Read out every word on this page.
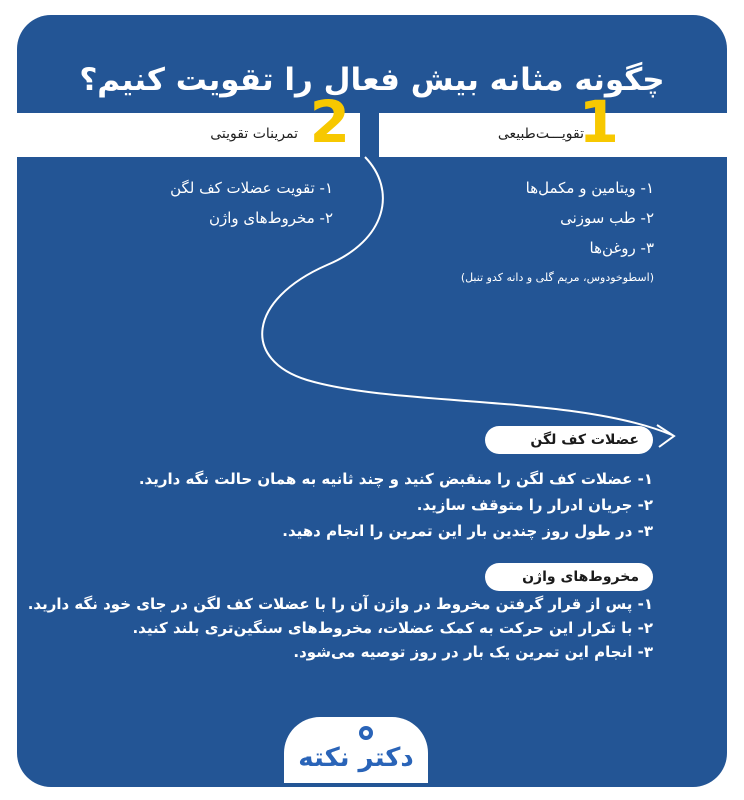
چگونه مثانه بیش فعال را تقویت کنیم؟
1
تقویـــت‌طبیعی
2
تمرینات تقویتی
۱- ویتامین و مکمل‌ها
۲- طب سوزنی
۳- روغن‌ها
(اسطوخودوس، مریم گلی و دانه کدو تنبل)
۱- تقویت عضلات کف لگن
۲- مخروط‌های واژن
عضلات کف لگن
۱- عضلات کف لگن را منقبض کنید و چند ثانیه به همان حالت نگه دارید.
۲- جریان ادرار را متوقف سازید.
۳- در طول روز چندین بار این تمرین را انجام دهید.
مخروط‌های واژن
۱- پس از قرار گرفتن مخروط در واژن آن را با عضلات کف لگن در جای خود نگه دارید.
۲- با تکرار این حرکت به کمک عضلات، مخروط‌های سنگین‌تری بلند کنید.
۳- انجام این تمرین یک بار در روز توصیه می‌شود.
دکتر نکته
